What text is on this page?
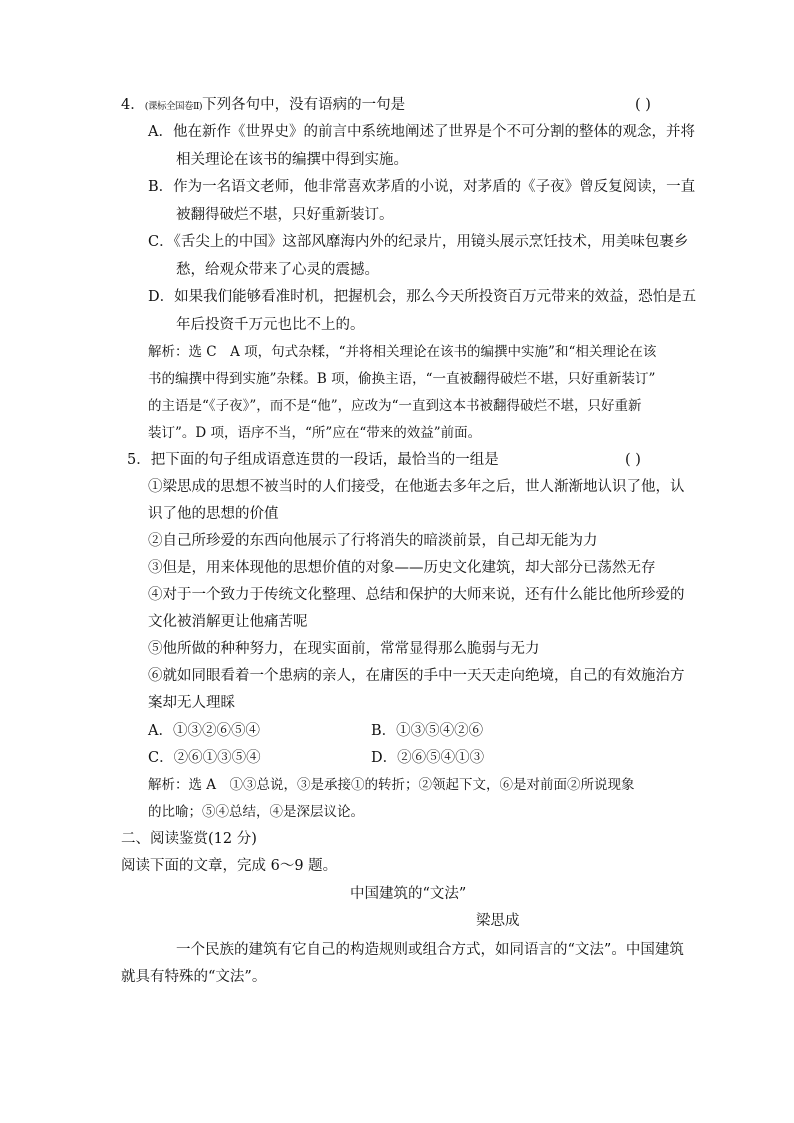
4．(课标全国卷Ⅱ)下列各句中，没有语病的一句是	( )
A．他在新作《世界史》的前言中系统地阐述了世界是个不可分割的整体的观念，并将
相关理论在该书的编撰中得到实施。
B．作为一名语文老师，他非常喜欢茅盾的小说，对茅盾的《子夜》曾反复阅读，一直
被翻得破烂不堪，只好重新装订。
C．《舌尖上的中国》这部风靡海内外的纪录片，用镜头展示烹饪技术，用美味包裹乡
愁，给观众带来了心灵的震撼。
D．如果我们能够看准时机，把握机会，那么今天所投资百万元带来的效益，恐怕是五
年后投资千万元也比不上的。
解析：选 C　A 项，句式杂糅，“并将相关理论在该书的编撰中实施”和“相关理论在该
书的编撰中得到实施”杂糅。B 项，偷换主语，“一直被翻得破烂不堪，只好重新装订”
的主语是“《子夜》”，而不是“他”，应改为“一直到这本书被翻得破烂不堪，只好重新
装订”。D 项，语序不当，“所”应在“带来的效益”前面。
5．把下面的句子组成语意连贯的一段话，最恰当的一组是	( )
①梁思成的思想不被当时的人们接受，在他逝去多年之后，世人渐渐地认识了他，认
识了他的思想的价值
②自己所珍爱的东西向他展示了行将消失的暗淡前景，自己却无能为力
③但是，用来体现他的思想价值的对象——历史文化建筑，却大部分已荡然无存
④对于一个致力于传统文化整理、总结和保护的大师来说，还有什么能比他所珍爱的
文化被消解更让他痛苦呢
⑤他所做的种种努力，在现实面前，常常显得那么脆弱与无力
⑥就如同眼看着一个患病的亲人，在庸医的手中一天天走向绝境，自己的有效施治方
案却无人理睬
A．①③②⑥⑤④	B．①③⑤④②⑥
C．②⑥①③⑤④	D．②⑥⑤④①③
解析：选 A　①③总说，③是承接①的转折；②领起下文，⑥是对前面②所说现象
的比喻；⑤④总结，④是深层议论。
二、阅读鉴赏(12 分)
阅读下面的文章，完成 6～9 题。
中国建筑的“文法”
梁思成
一个民族的建筑有它自己的构造规则或组合方式，如同语言的“文法”。中国建筑
就具有特殊的“文法”。
